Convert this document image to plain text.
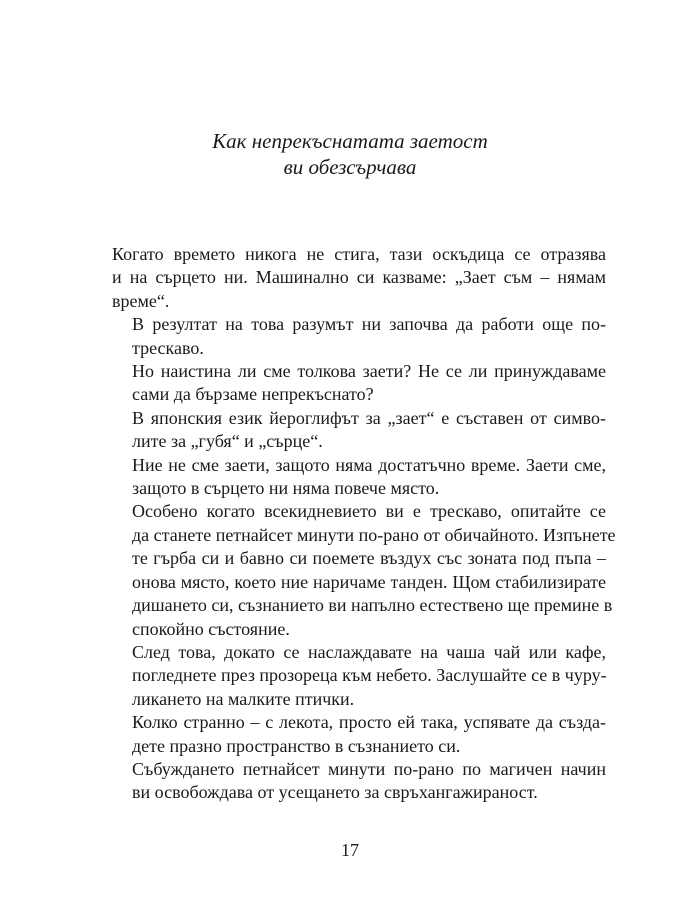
Как непрекъснатата заетост
ви обезсърчава

Когато времето никога не стига, тази оскъдица се отразява
и на сърцето ни. Машинално си казваме: „Зает съм – нямам
време“.

В резултат на това разумът ни започва да работи още по-
трескаво.

Но наистина ли сме толкова заети? Не се ли принуждаваме
сами да бързаме непрекъснато?

В японския език йероглифът за „зает“ е съставен от симво-
лите за „губя“ и „сърце“.

Ние не сме заети, защото няма достатъчно време. Заети сме,
защото в сърцето ни няма повече място.

Особено когато всекидневието ви е трескаво, опитайте се
да станете петнайсет минути по-рано от обичайното. Изпънете
те гърба си и бавно си поемете въздух със зоната под пъпа –
онова място, което ние наричаме танден. Щом стабилизирате
дишането си, съзнанието ви напълно естествено ще премине в
спокойно състояние.

След това, докато се наслаждавате на чаша чай или кафе,
погледнете през прозореца към небето. Заслушайте се в чуру-
ликането на малките птички.

Колко странно – с лекота, просто ей така, успявате да създа-
дете празно пространство в съзнанието си.

Събуждането петнайсет минути по-рано по магичен начин
ви освобождава от усещането за свръхангажираност.

17
